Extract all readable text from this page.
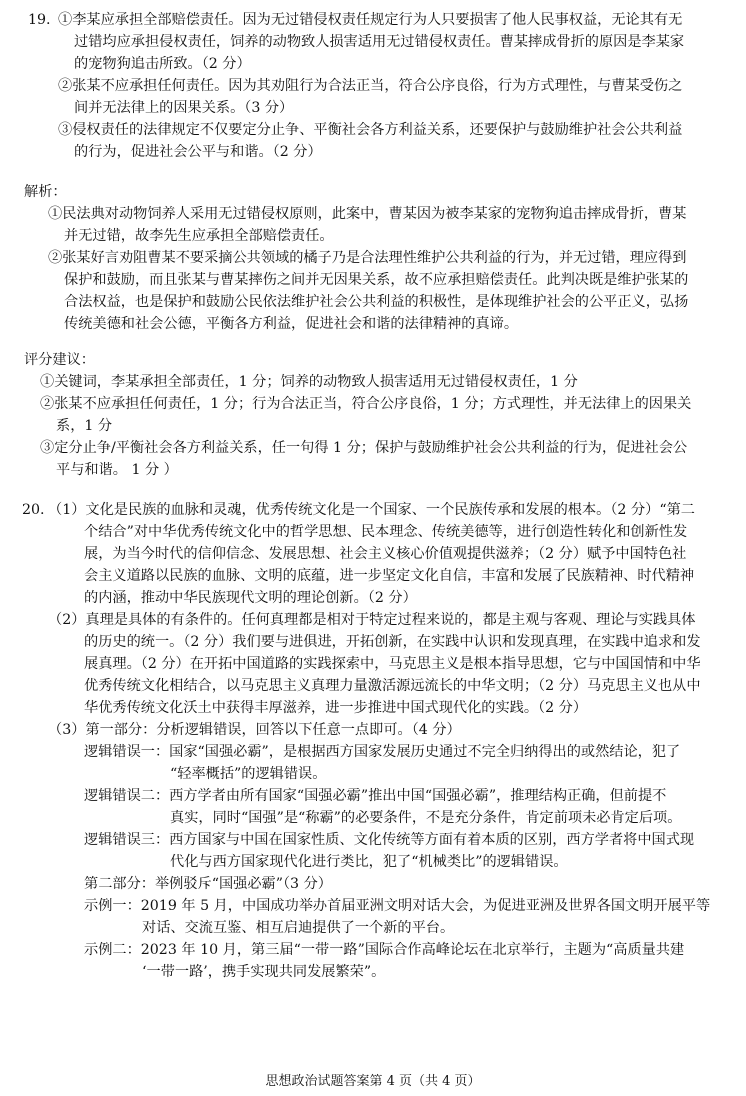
19. ①李某应承担全部赔偿责任。因为无过错侵权责任规定行为人只要损害了他人民事权益，无论其有无
过错均应承担侵权责任，饲养的动物致人损害适用无过错侵权责任。曹某摔成骨折的原因是李某家
的宠物狗追击所致。（2 分）
②张某不应承担任何责任。因为其劝阻行为合法正当，符合公序良俗，行为方式理性，与曹某受伤之
间并无法律上的因果关系。（3 分）
③侵权责任的法律规定不仅要定分止争、平衡社会各方利益关系，还要保护与鼓励维护社会公共利益
的行为，促进社会公平与和谐。（2 分）
解析：
①民法典对动物饲养人采用无过错侵权原则，此案中，曹某因为被李某家的宠物狗追击摔成骨折，曹某
并无过错，故李先生应承担全部赔偿责任。
②张某好言劝阻曹某不要采摘公共领域的橘子乃是合法理性维护公共利益的行为，并无过错，理应得到
保护和鼓励，而且张某与曹某摔伤之间并无因果关系，故不应承担赔偿责任。此判决既是维护张某的
合法权益，也是保护和鼓励公民依法维护社会公共利益的积极性，是体现维护社会的公平正义，弘扬
传统美德和社会公德，平衡各方利益，促进社会和谐的法律精神的真谛。
评分建议：
①关键词，李某承担全部责任，1 分；饲养的动物致人损害适用无过错侵权责任，1 分
②张某不应承担任何责任，1 分；行为合法正当，符合公序良俗，1 分；方式理性，并无法律上的因果关
系，1 分
③定分止争/平衡社会各方利益关系，任一句得 1 分；保护与鼓励维护社会公共利益的行为，促进社会公
平与和谐。 1 分 ）
20. （1）文化是民族的血脉和灵魂，优秀传统文化是一个国家、一个民族传承和发展的根本。（2 分）“第二
个结合”对中华优秀传统文化中的哲学思想、民本理念、传统美德等，进行创造性转化和创新性发
展，为当今时代的信仰信念、发展思想、社会主义核心价值观提供滋养；（2 分）赋予中国特色社
会主义道路以民族的血脉、文明的底蕴，进一步坚定文化自信，丰富和发展了民族精神、时代精神
的内涵，推动中华民族现代文明的理论创新。（2 分）
（2）真理是具体的有条件的。任何真理都是相对于特定过程来说的，都是主观与客观、理论与实践具体
的历史的统一。（2 分）我们要与进俱进，开拓创新，在实践中认识和发现真理，在实践中追求和发
展真理。（2 分）在开拓中国道路的实践探索中，马克思主义是根本指导思想，它与中国国情和中华
优秀传统文化相结合，以马克思主义真理力量激活源远流长的中华文明；（2 分）马克思主义也从中
华优秀传统文化沃土中获得丰厚滋养，进一步推进中国式现代化的实践。（2 分）
（3）第一部分：分析逻辑错误，回答以下任意一点即可。（4 分）
逻辑错误一：国家“国强必霸”，是根据西方国家发展历史通过不完全归纳得出的或然结论，犯了
“轻率概括”的逻辑错误。
逻辑错误二：西方学者由所有国家“国强必霸”推出中国“国强必霸”，推理结构正确，但前提不
真实，同时“国强”是“称霸”的必要条件，不是充分条件，肯定前项未必肯定后项。
逻辑错误三：西方国家与中国在国家性质、文化传统等方面有着本质的区别，西方学者将中国式现
代化与西方国家现代化进行类比，犯了“机械类比”的逻辑错误。
第二部分：举例驳斥“国强必霸”（3 分）
示例一：2019 年 5 月，中国成功举办首届亚洲文明对话大会，为促进亚洲及世界各国文明开展平等
对话、交流互鉴、相互启迪提供了一个新的平台。
示例二：2023 年 10 月，第三届“一带一路”国际合作高峰论坛在北京举行，主题为“高质量共建
‘一带一路’，携手实现共同发展繁荣”。
思想政治试题答案第 4 页（共 4 页）
